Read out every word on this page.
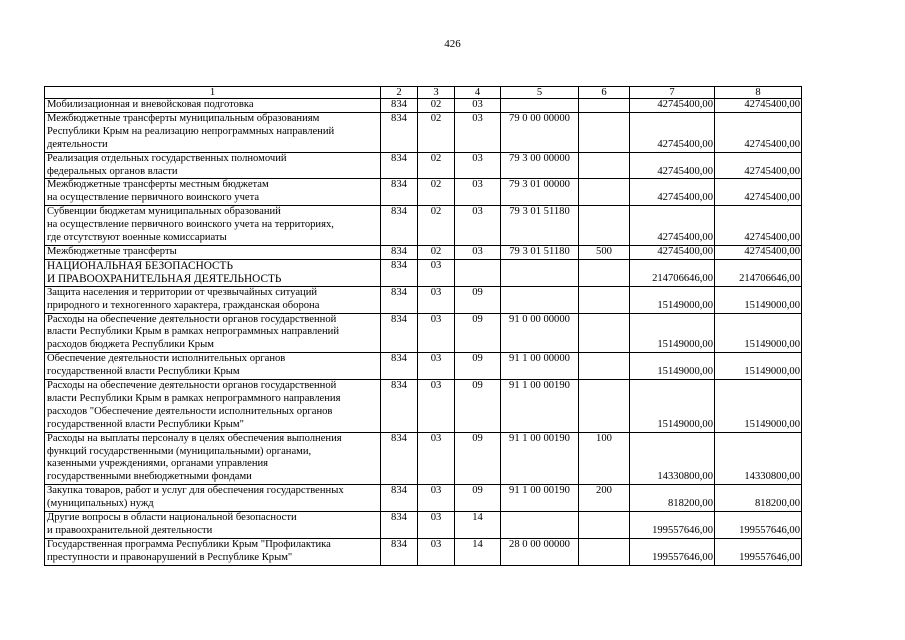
426
1	2	3	4	5	6	7	8
Мобилизационная и вневойсковая подготовка	834	02	03			42745400,00	42745400,00
Межбюджетные трансферты муниципальным образованиям
Республики Крым на реализацию непрограммных направлений
деятельности	834	02	03	79 0 00 00000		42745400,00	42745400,00
Реализация отдельных государственных полномочий
федеральных органов власти	834	02	03	79 3 00 00000		42745400,00	42745400,00
Межбюджетные трансферты местным бюджетам
на осуществление первичного воинского учета	834	02	03	79 3 01 00000		42745400,00	42745400,00
Субвенции бюджетам муниципальных образований
на осуществление первичного воинского учета на территориях,
где отсутствуют военные комиссариаты	834	02	03	79 3 01 51180		42745400,00	42745400,00
Межбюджетные трансферты	834	02	03	79 3 01 51180	500	42745400,00	42745400,00
НАЦИОНАЛЬНАЯ БЕЗОПАСНОСТЬ
И ПРАВООХРАНИТЕЛЬНАЯ ДЕЯТЕЛЬНОСТЬ	834	03				214706646,00	214706646,00
Защита населения и территории от чрезвычайных ситуаций
природного и техногенного характера, гражданская оборона	834	03	09			15149000,00	15149000,00
Расходы на обеспечение деятельности органов государственной
власти Республики Крым в рамках непрограммных направлений
расходов бюджета Республики Крым	834	03	09	91 0 00 00000		15149000,00	15149000,00
Обеспечение деятельности исполнительных органов
государственной власти Республики Крым	834	03	09	91 1 00 00000		15149000,00	15149000,00
Расходы на обеспечение деятельности органов государственной
власти Республики Крым в рамках непрограммного направления
расходов "Обеспечение деятельности исполнительных органов
государственной власти Республики Крым"	834	03	09	91 1 00 00190		15149000,00	15149000,00
Расходы на выплаты персоналу в целях обеспечения выполнения
функций государственными (муниципальными) органами,
казенными учреждениями, органами управления
государственными внебюджетными фондами	834	03	09	91 1 00 00190	100	14330800,00	14330800,00
Закупка товаров, работ и услуг для обеспечения государственных
(муниципальных) нужд	834	03	09	91 1 00 00190	200	818200,00	818200,00
Другие вопросы в области национальной безопасности
и правоохранительной деятельности	834	03	14			199557646,00	199557646,00
Государственная программа Республики Крым "Профилактика
преступности и правонарушений в Республике Крым"	834	03	14	28 0 00 00000		199557646,00	199557646,00
